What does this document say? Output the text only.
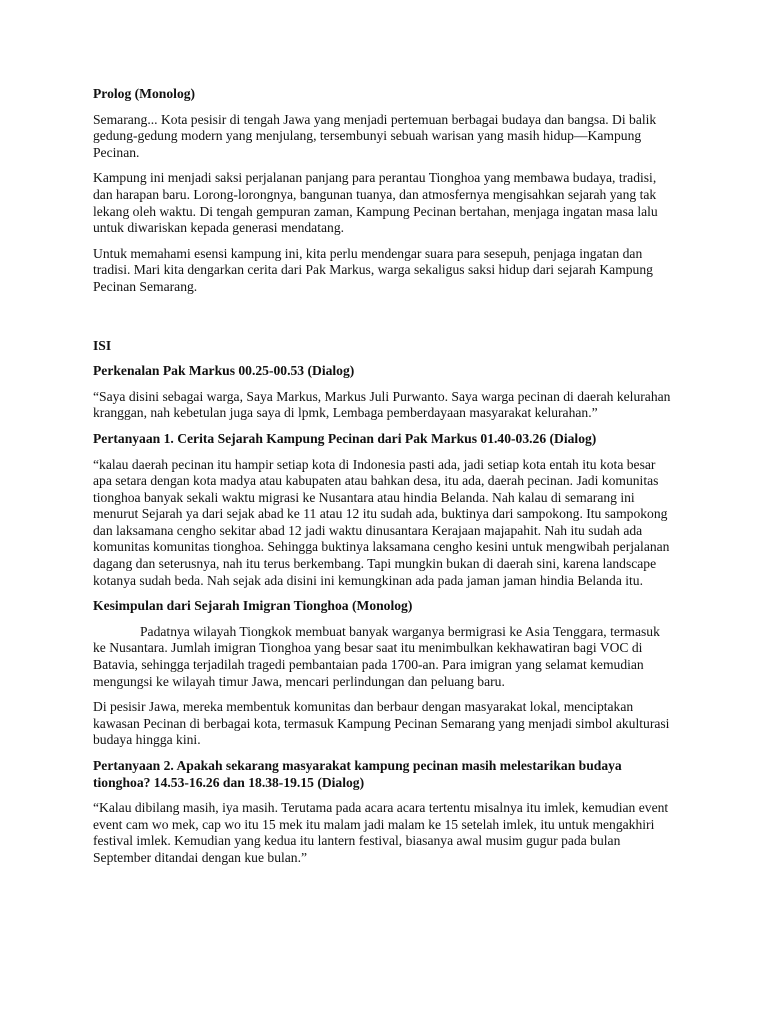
Prolog (Monolog)

Semarang... Kota pesisir di tengah Jawa yang menjadi pertemuan berbagai budaya dan bangsa. Di balik gedung-gedung modern yang menjulang, tersembunyi sebuah warisan yang masih hidup—Kampung Pecinan.

Kampung ini menjadi saksi perjalanan panjang para perantau Tionghoa yang membawa budaya, tradisi, dan harapan baru. Lorong-lorongnya, bangunan tuanya, dan atmosfernya mengisahkan sejarah yang tak lekang oleh waktu. Di tengah gempuran zaman, Kampung Pecinan bertahan, menjaga ingatan masa lalu untuk diwariskan kepada generasi mendatang.

Untuk memahami esensi kampung ini, kita perlu mendengar suara para sesepuh, penjaga ingatan dan tradisi. Mari kita dengarkan cerita dari Pak Markus, warga sekaligus saksi hidup dari sejarah Kampung Pecinan Semarang.

ISI
Perkenalan Pak Markus 00.25-00.53 (Dialog)

“Saya disini sebagai warga, Saya Markus, Markus Juli Purwanto. Saya warga pecinan di daerah kelurahan kranggan, nah kebetulan juga saya di lpmk, Lembaga pemberdayaan masyarakat kelurahan.”

Pertanyaan 1. Cerita Sejarah Kampung Pecinan dari Pak Markus 01.40-03.26 (Dialog)

“kalau daerah pecinan itu hampir setiap kota di Indonesia pasti ada, jadi setiap kota entah itu kota besar apa setara dengan kota madya atau kabupaten atau bahkan desa, itu ada, daerah pecinan. Jadi komunitas tionghoa banyak sekali waktu migrasi ke Nusantara atau hindia Belanda. Nah kalau di semarang ini menurut Sejarah ya dari sejak abad ke 11 atau 12 itu sudah ada, buktinya dari sampokong. Itu sampokong dan laksamana cengho sekitar abad 12 jadi waktu dinusantara Kerajaan majapahit. Nah itu sudah ada komunitas komunitas tionghoa. Sehingga buktinya laksamana cengho kesini untuk mengwibah perjalanan dagang dan seterusnya, nah itu terus berkembang. Tapi mungkin bukan di daerah sini, karena landscape kotanya sudah beda. Nah sejak ada disini ini kemungkinan ada pada jaman jaman hindia Belanda itu.

Kesimpulan dari Sejarah Imigran Tionghoa (Monolog)

Padatnya wilayah Tiongkok membuat banyak warganya bermigrasi ke Asia Tenggara, termasuk ke Nusantara. Jumlah imigran Tionghoa yang besar saat itu menimbulkan kekhawatiran bagi VOC di Batavia, sehingga terjadilah tragedi pembantaian pada 1700-an. Para imigran yang selamat kemudian mengungsi ke wilayah timur Jawa, mencari perlindungan dan peluang baru.

Di pesisir Jawa, mereka membentuk komunitas dan berbaur dengan masyarakat lokal, menciptakan kawasan Pecinan di berbagai kota, termasuk Kampung Pecinan Semarang yang menjadi simbol akulturasi budaya hingga kini.

Pertanyaan 2. Apakah sekarang masyarakat kampung pecinan masih melestarikan budaya tionghoa? 14.53-16.26 dan 18.38-19.15 (Dialog)

“Kalau dibilang masih, iya masih. Terutama pada acara acara tertentu misalnya itu imlek, kemudian event event cam wo mek, cap wo itu 15 mek itu malam jadi malam ke 15 setelah imlek, itu untuk mengakhiri festival imlek. Kemudian yang kedua itu lantern festival, biasanya awal musim gugur pada bulan September ditandai dengan kue bulan.”
